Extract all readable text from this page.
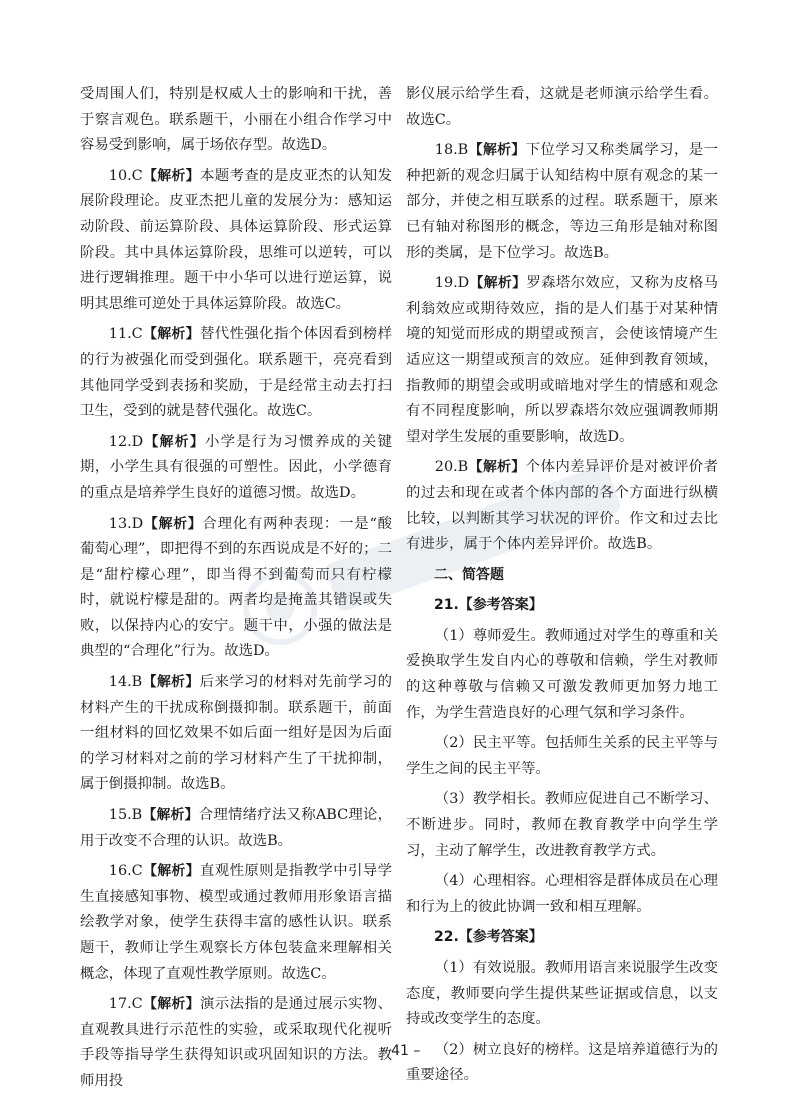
受周围人们，特别是权威人士的影响和干扰，善于察言观色。联系题干，小丽在小组合作学习中容易受到影响，属于场依存型。故选D。

10.C【解析】本题考查的是皮亚杰的认知发展阶段理论。皮亚杰把儿童的发展分为：感知运动阶段、前运算阶段、具体运算阶段、形式运算阶段。其中具体运算阶段，思维可以逆转，可以进行逻辑推理。题干中小华可以进行逆运算，说明其思维可逆处于具体运算阶段。故选C。

11.C【解析】替代性强化指个体因看到榜样的行为被强化而受到强化。联系题干，亮亮看到其他同学受到表扬和奖励，于是经常主动去打扫卫生，受到的就是替代强化。故选C。

12.D【解析】小学是行为习惯养成的关键期，小学生具有很强的可塑性。因此，小学德育的重点是培养学生良好的道德习惯。故选D。

13.D【解析】合理化有两种表现：一是“酸葡萄心理”，即把得不到的东西说成是不好的；二是“甜柠檬心理”，即当得不到葡萄而只有柠檬时，就说柠檬是甜的。两者均是掩盖其错误或失败，以保持内心的安宁。题干中，小强的做法是典型的“合理化”行为。故选D。

14.B【解析】后来学习的材料对先前学习的材料产生的干扰成称倒摄抑制。联系题干，前面一组材料的回忆效果不如后面一组好是因为后面的学习材料对之前的学习材料产生了干扰抑制，属于倒摄抑制。故选B。

15.B【解析】合理情绪疗法又称ABC理论，用于改变不合理的认识。故选B。

16.C【解析】直观性原则是指教学中引导学生直接感知事物、模型或通过教师用形象语言描绘教学对象，使学生获得丰富的感性认识。联系题干，教师让学生观察长方体包装盒来理解相关概念，体现了直观性教学原则。故选C。

17.C【解析】演示法指的是通过展示实物、直观教具进行示范性的实验，或采取现代化视听手段等指导学生获得知识或巩固知识的方法。教师用投

影仪展示给学生看，这就是老师演示给学生看。故选C。

18.B【解析】下位学习又称类属学习，是一种把新的观念归属于认知结构中原有观念的某一部分，并使之相互联系的过程。联系题干，原来已有轴对称图形的概念，等边三角形是轴对称图形的类属，是下位学习。故选B。

19.D【解析】罗森塔尔效应，又称为皮格马利翁效应或期待效应，指的是人们基于对某种情境的知觉而形成的期望或预言，会使该情境产生适应这一期望或预言的效应。延伸到教育领域，指教师的期望会或明或暗地对学生的情感和观念有不同程度影响，所以罗森塔尔效应强调教师期望对学生发展的重要影响，故选D。

20.B【解析】个体内差异评价是对被评价者的过去和现在或者个体内部的各个方面进行纵横比较，以判断其学习状况的评价。作文和过去比有进步，属于个体内差异评价。故选B。

二、简答题

21.【参考答案】

（1）尊师爱生。教师通过对学生的尊重和关爱换取学生发自内心的尊敬和信赖，学生对教师的这种尊敬与信赖又可激发教师更加努力地工作，为学生营造良好的心理气氛和学习条件。

（2）民主平等。包括师生关系的民主平等与学生之间的民主平等。

（3）教学相长。教师应促进自己不断学习、不断进步。同时，教师在教育教学中向学生学习，主动了解学生，改进教育教学方式。

（4）心理相容。心理相容是群体成员在心理和行为上的彼此协调一致和相互理解。

22.【参考答案】

（1）有效说服。教师用语言来说服学生改变态度，教师要向学生提供某些证据或信息，以支持或改变学生的态度。

（2）树立良好的榜样。这是培养道德行为的重要途径。

– 41 –
